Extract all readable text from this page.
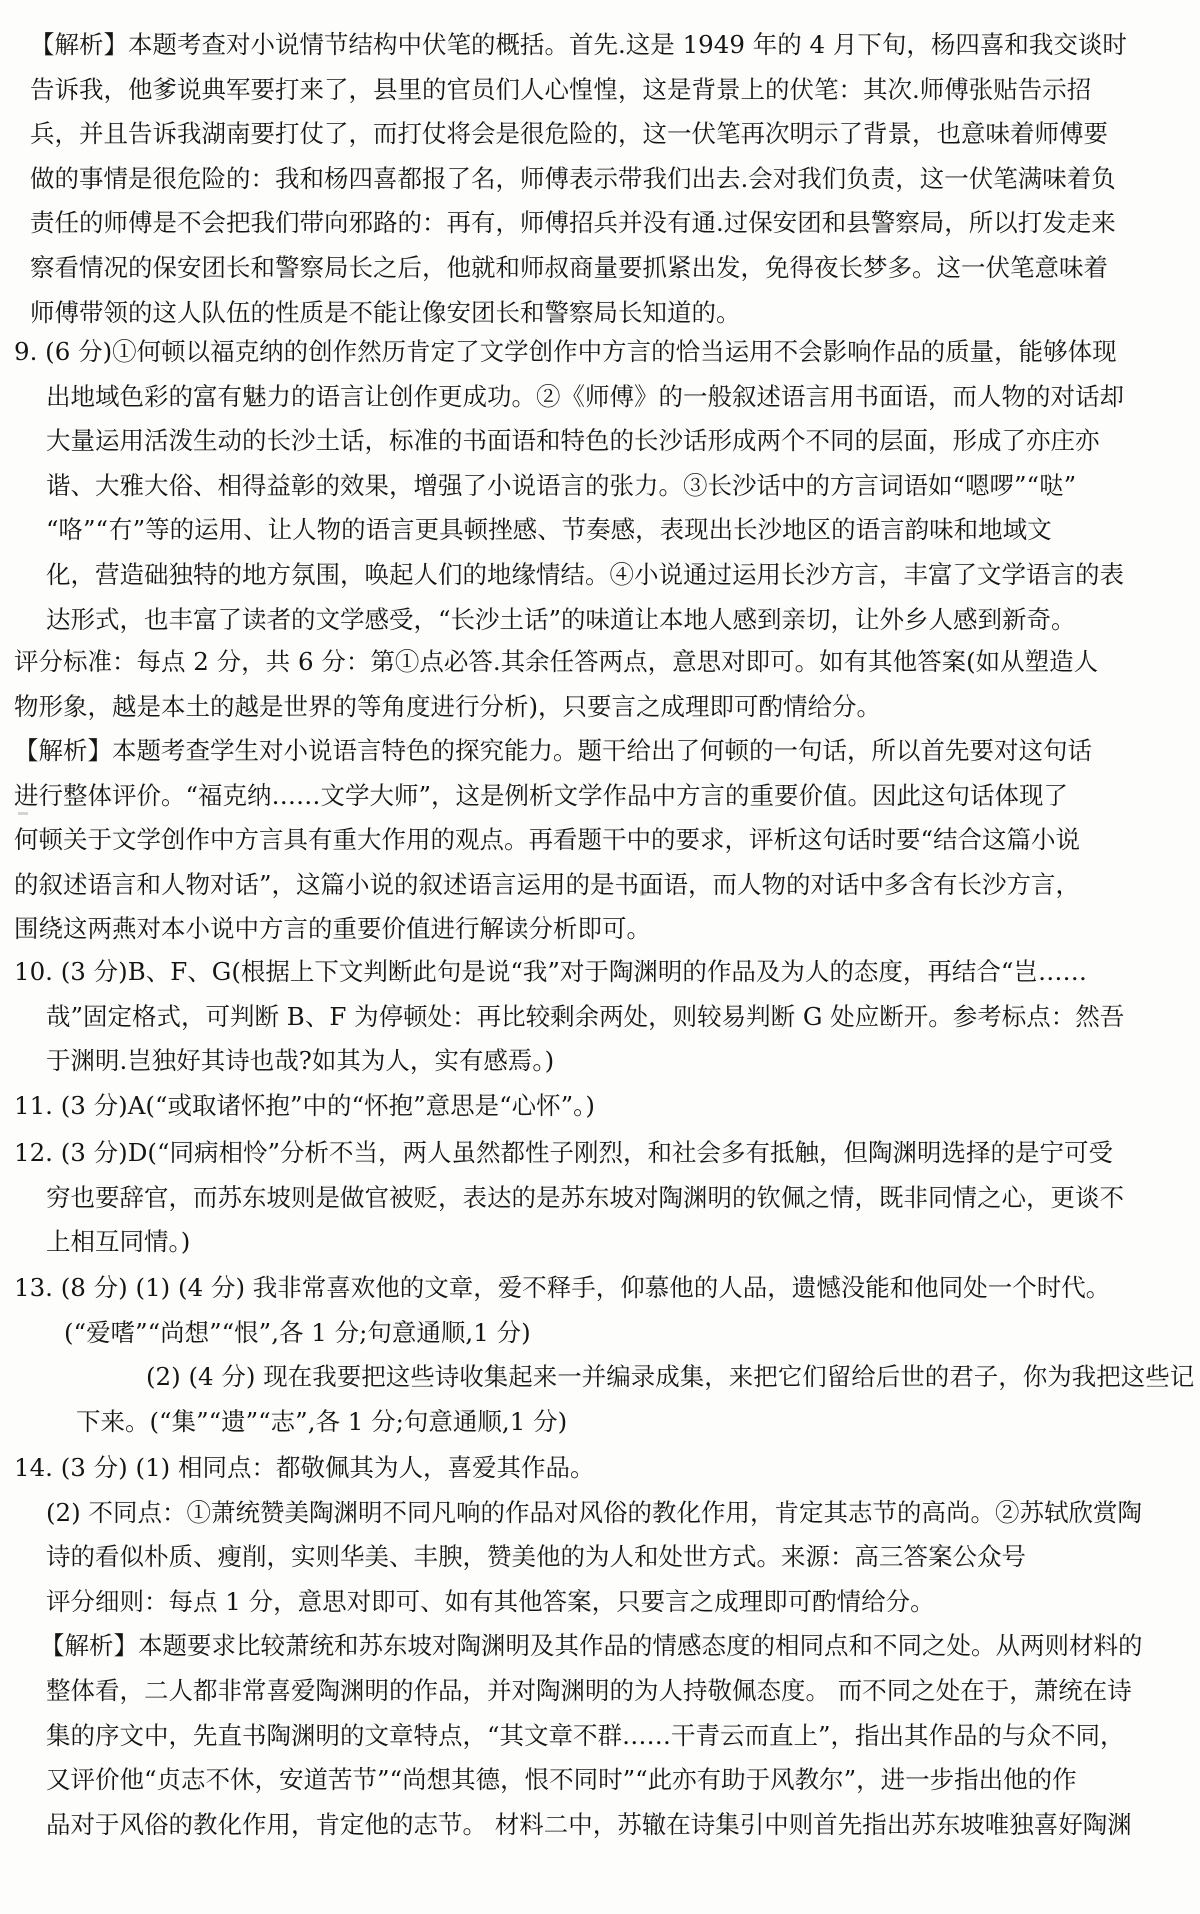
【解析】本题考查对小说情节结构中伏笔的概括。首先.这是 1949 年的 4 月下旬，杨四喜和我交谈时
告诉我，他爹说典军要打来了，县里的官员们人心惶惶，这是背景上的伏笔：其次.师傅张贴告示招
兵，并且告诉我湖南要打仗了，而打仗将会是很危险的，这一伏笔再次明示了背景，也意味着师傅要
做的事情是很危险的：我和杨四喜都报了名，师傅表示带我们出去.会对我们负责，这一伏笔满味着负
责任的师傅是不会把我们带向邪路的：再有，师傅招兵并没有通.过保安团和县警察局，所以打发走来
察看情况的保安团长和警察局长之后，他就和师叔商量要抓紧出发，免得夜长梦多。这一伏笔意味着
师傅带领的这人队伍的性质是不能让像安团长和警察局长知道的。
9. (6 分)①何顿以福克纳的创作然历肯定了文学创作中方言的恰当运用不会影响作品的质量，能够体现
出地域色彩的富有魅力的语言让创作更成功。②《师傅》的一般叙述语言用书面语，而人物的对话却
大量运用活泼生动的长沙土话，标准的书面语和特色的长沙话形成两个不同的层面，形成了亦庄亦
谐、大雅大俗、相得益彰的效果，增强了小说语言的张力。③长沙话中的方言词语如“嗯啰”“哒”
“咯”“冇”等的运用、让人物的语言更具顿挫感、节奏感，表现出长沙地区的语言韵味和地域文
化，营造础独特的地方氛围，唤起人们的地缘情结。④小说通过运用长沙方言，丰富了文学语言的表
达形式，也丰富了读者的文学感受，“长沙土话”的味道让本地人感到亲切，让外乡人感到新奇。
评分标准：每点 2 分，共 6 分：第①点必答.其余任答两点，意思对即可。如有其他答案(如从塑造人
物形象，越是本土的越是世界的等角度进行分析)，只要言之成理即可酌情给分。
【解析】本题考查学生对小说语言特色的探究能力。题干给出了何顿的一句话，所以首先要对这句话
进行整体评价。“福克纳……文学大师”，这是例析文学作品中方言的重要价值。因此这句话体现了
何顿关于文学创作中方言具有重大作用的观点。再看题干中的要求，评析这句话时要“结合这篇小说
的叙述语言和人物对话”，这篇小说的叙述语言运用的是书面语，而人物的对话中多含有长沙方言，
围绕这两燕对本小说中方言的重要价值进行解读分析即可。
10. (3 分)B、F、G(根据上下文判断此句是说“我”对于陶渊明的作品及为人的态度，再结合“岂……
哉”固定格式，可判断 B、F 为停顿处：再比较剩余两处，则较易判断 G 处应断开。参考标点：然吾
于渊明.岂独好其诗也哉?如其为人，实有感焉。)
11. (3 分)A(“或取诸怀抱”中的“怀抱”意思是“心怀”。)
12. (3 分)D(“同病相怜”分析不当，两人虽然都性子刚烈，和社会多有抵触，但陶渊明选择的是宁可受
穷也要辞官，而苏东坡则是做官被贬，表达的是苏东坡对陶渊明的钦佩之情，既非同情之心，更谈不
上相互同情。)
13. (8 分) (1) (4 分) 我非常喜欢他的文章，爱不释手，仰慕他的人品，遗憾没能和他同处一个时代。
(“爱嗜”“尚想”“恨”,各 1 分;句意通顺,1 分)
(2) (4 分) 现在我要把这些诗收集起来一并编录成集，来把它们留给后世的君子，你为我把这些记
下来。(“集”“遗”“志”,各 1 分;句意通顺,1 分)
14. (3 分) (1) 相同点：都敬佩其为人，喜爱其作品。
(2) 不同点：①萧统赞美陶渊明不同凡响的作品对风俗的教化作用，肯定其志节的高尚。②苏轼欣赏陶
诗的看似朴质、瘦削，实则华美、丰腴，赞美他的为人和处世方式。来源：高三答案公众号
评分细则：每点 1 分，意思对即可、如有其他答案，只要言之成理即可酌情给分。
【解析】本题要求比较萧统和苏东坡对陶渊明及其作品的情感态度的相同点和不同之处。从两则材料的
整体看，二人都非常喜爱陶渊明的作品，并对陶渊明的为人持敬佩态度。 而不同之处在于，萧统在诗
集的序文中，先直书陶渊明的文章特点，“其文章不群……干青云而直上”，指出其作品的与众不同，
又评价他“贞志不休，安道苦节”“尚想其德，恨不同时”“此亦有助于风教尔”，进一步指出他的作
品对于风俗的教化作用，肯定他的志节。 材料二中，苏辙在诗集引中则首先指出苏东坡唯独喜好陶渊
